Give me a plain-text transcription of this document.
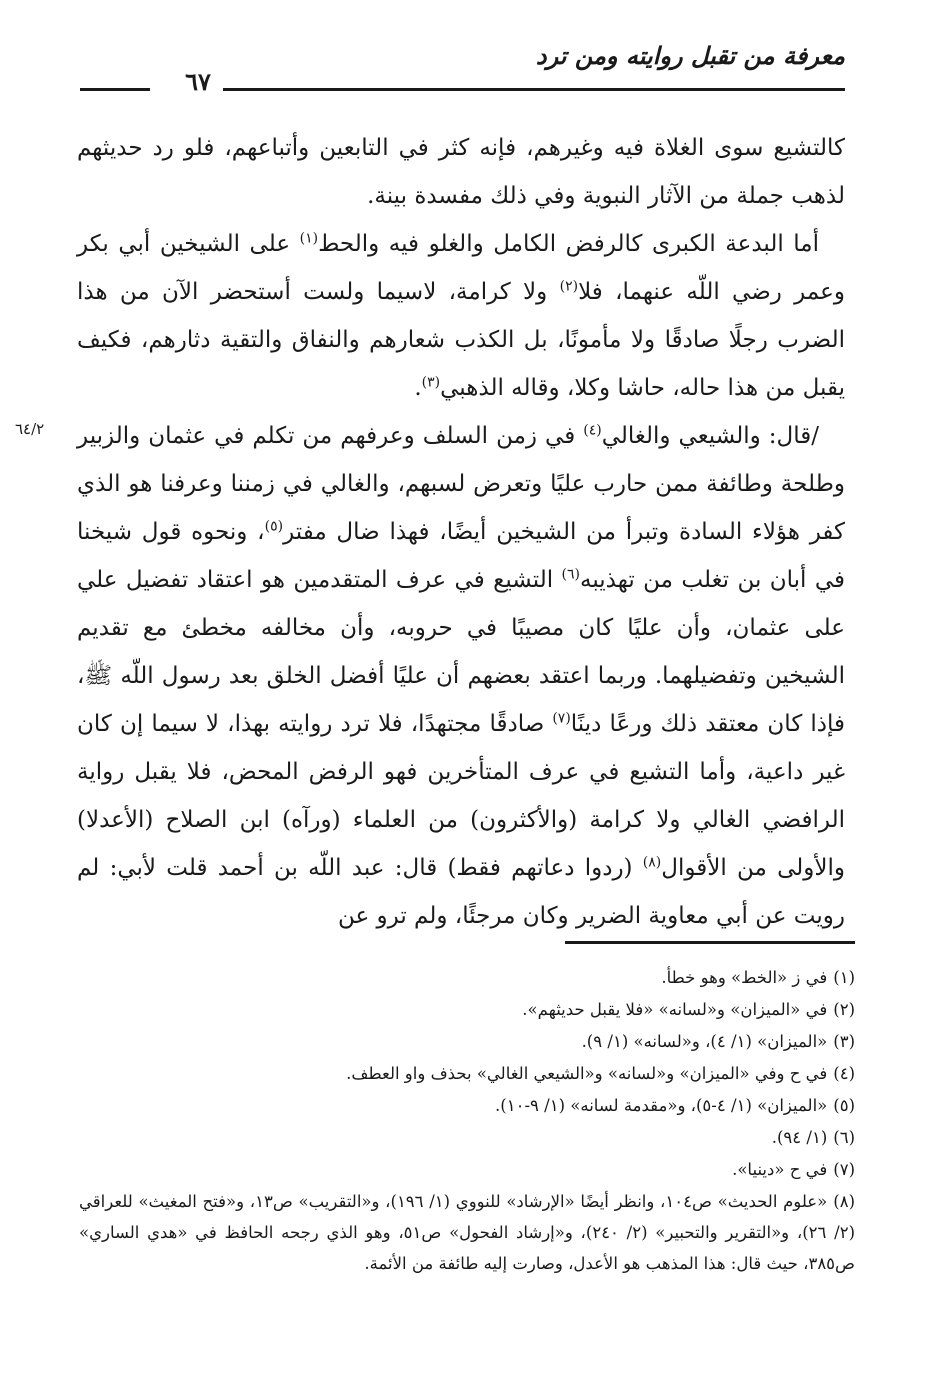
معرفة من تقبل روايته ومن ترد
٦٧
٦٤/٢

كالتشيع سوى الغلاة فيه وغيرهم، فإنه كثر في التابعين وأتباعهم، فلو رد حديثهم لذهب جملة من الآثار النبوية وفي ذلك مفسدة بينة.

أما البدعة الكبرى كالرفض الكامل والغلو فيه والحط$^{(١)}$ على الشيخين أبي بكر وعمر رضي اللّه عنهما، فلا$^{(٢)}$ ولا كرامة، لاسيما ولست أستحضر الآن من هذا الضرب رجلًا صادقًا ولا مأمونًا، بل الكذب شعارهم والنفاق والتقية دثارهم، فكيف يقبل من هذا حاله، حاشا وكلا، وقاله الذهبي$^{(٣)}$.

/قال: والشيعي والغالي$^{(٤)}$ في زمن السلف وعرفهم من تكلم في عثمان والزبير وطلحة وطائفة ممن حارب عليًا وتعرض لسبهم، والغالي في زمننا وعرفنا هو الذي كفر هؤلاء السادة وتبرأ من الشيخين أيضًا، فهذا ضال مفتر$^{(٥)}$، ونحوه قول شيخنا في أبان بن تغلب من تهذيبه$^{(٦)}$ التشيع في عرف المتقدمين هو اعتقاد تفضيل علي على عثمان، وأن عليًا كان مصيبًا في حروبه، وأن مخالفه مخطئ مع تقديم الشيخين وتفضيلهما. وربما اعتقد بعضهم أن عليًا أفضل الخلق بعد رسول اللّه ﷺ، فإذا كان معتقد ذلك ورعًا دينًا$^{(٧)}$ صادقًا مجتهدًا، فلا ترد روايته بهذا، لا سيما إن كان غير داعية، وأما التشيع في عرف المتأخرين فهو الرفض المحض، فلا يقبل رواية الرافضي الغالي ولا كرامة (والأكثرون) من العلماء (ورآه) ابن الصلاح (الأعدلا) والأولى من الأقوال$^{(٨)}$ (ردوا دعاتهم فقط) قال: عبد اللّه بن أحمد قلت لأبي: لم رويت عن أبي معاوية الضرير وكان مرجئًا، ولم ترو عن

(١)في ز «الخط» وهو خطأ.
(٢)في «الميزان» و«لسانه» «فلا يقبل حديثهم».
(٣)«الميزان» (١/ ٤)، و«لسانه» (١/ ٩).
(٤)في ح وفي «الميزان» و«لسانه» و«الشيعي الغالي» بحذف واو العطف.
(٥)«الميزان» (١/ ٤-٥)، و«مقدمة لسانه» (١/ ٩-١٠).
(٦)(١/ ٩٤).
(٧)في ح «دينيا».
(٨)«علوم الحديث» ص١٠٤، وانظر أيضًا «الإرشاد» للنووي (١/ ١٩٦)، و«التقريب» ص١٣، و«فتح المغيث» للعراقي (٢/ ٢٦)، و«التقرير والتحبير» (٢/ ٢٤٠)، و«إرشاد الفحول» ص٥١، وهو الذي رجحه الحافظ في «هدي الساري» ص٣٨٥، حيث قال: هذا المذهب هو الأعدل، وصارت إليه طائفة من الأئمة.
